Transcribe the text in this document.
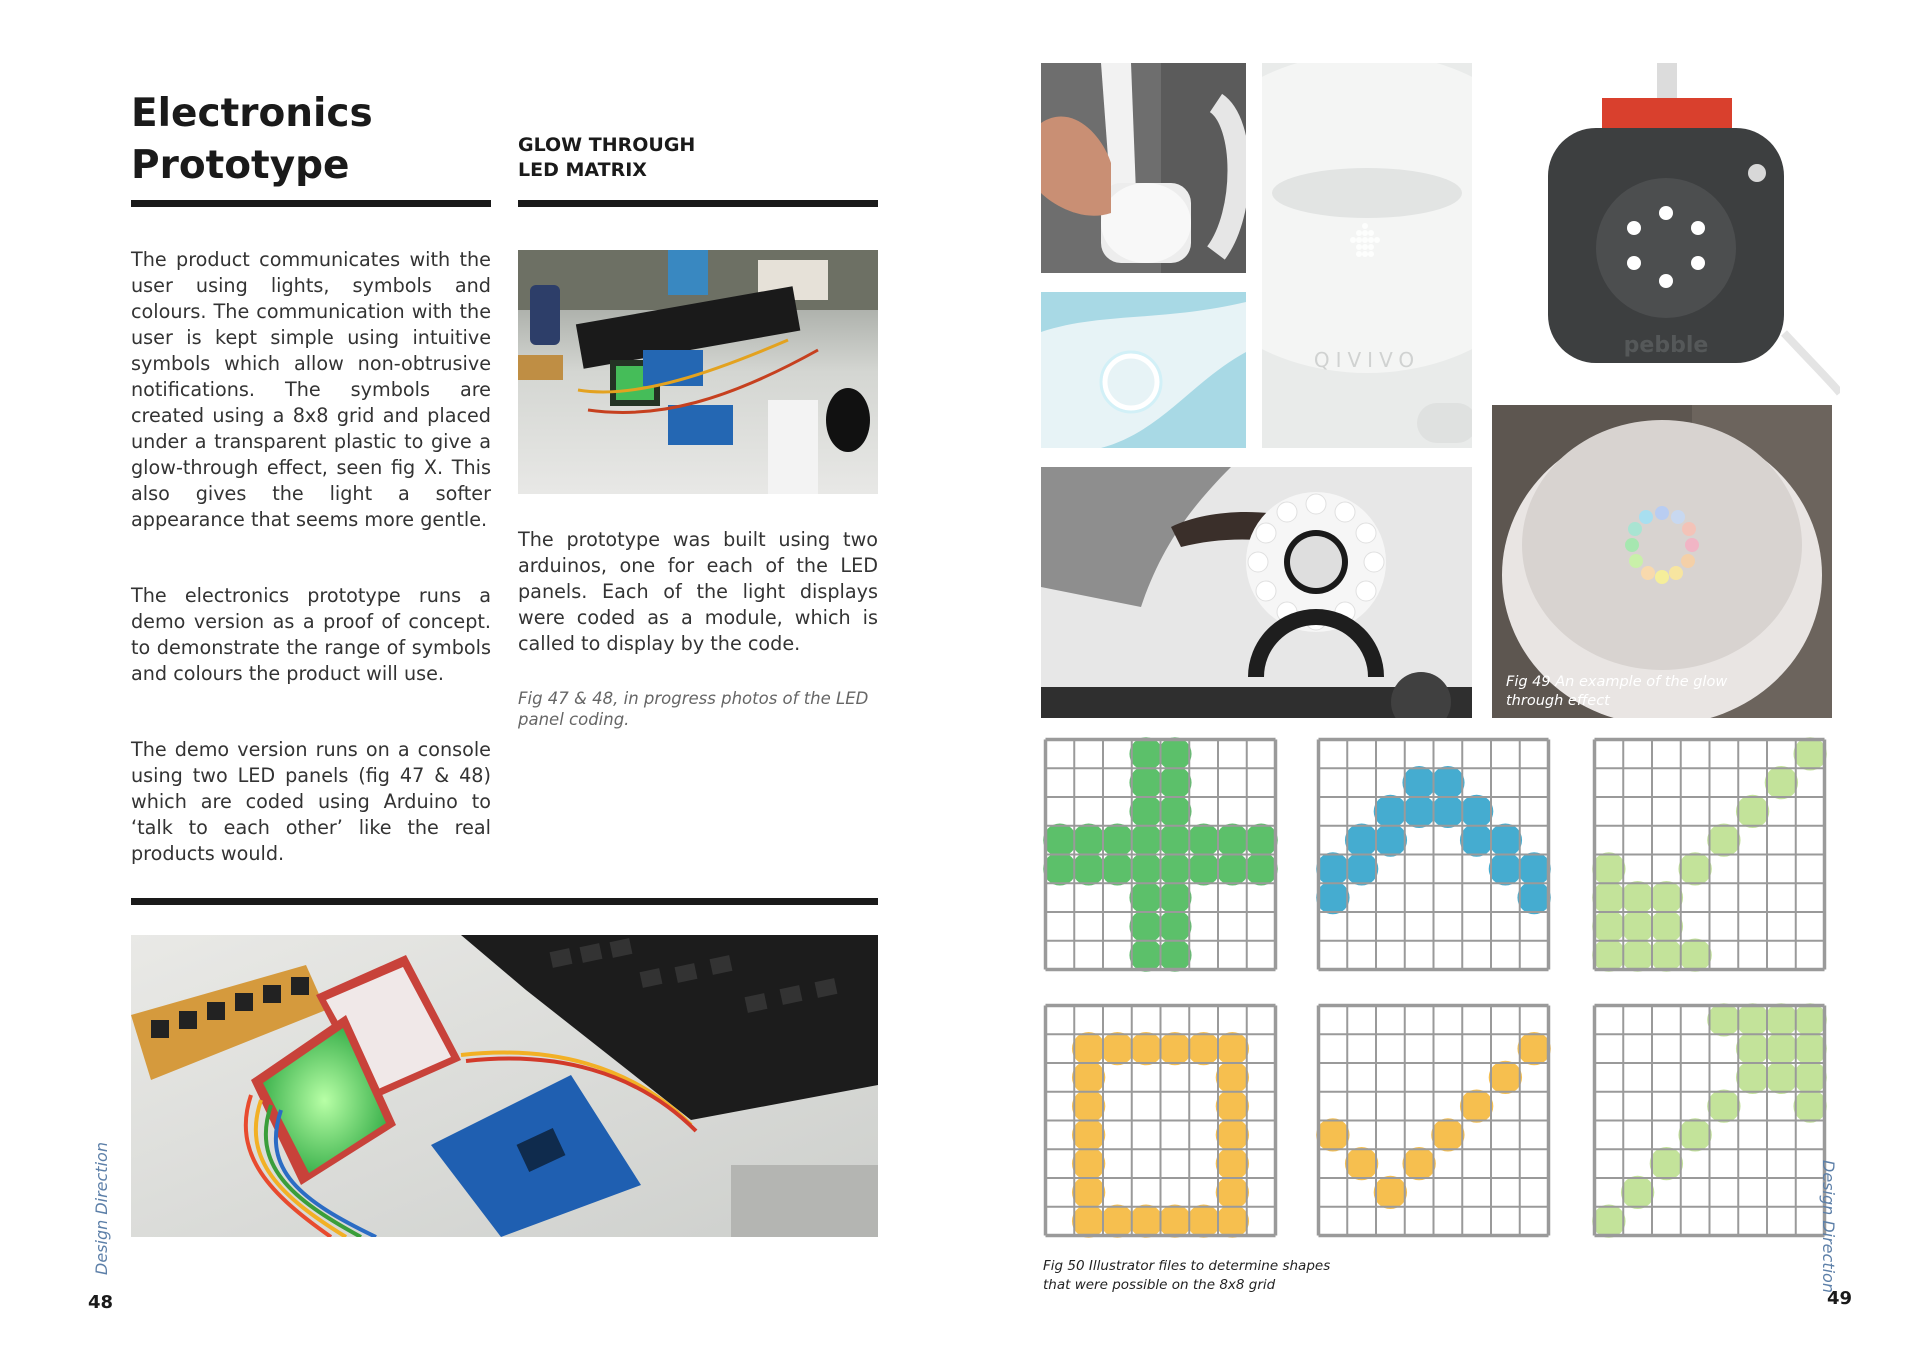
Electronics
Prototype	GLOW THROUGH
LED MATRIX
The product communicates with the user using lights, symbols and colours. The communication with the user is kept simple using intuitive symbols which allow non-obtrusive notifications. The symbols are created using a 8x8 grid and placed under a transparent plastic to give a glow-through effect, seen fig X. This also gives the light a softer appearance that seems more gentle.
The electronics prototype runs a demo version as a proof of concept. to demonstrate the range of symbols and colours the product will use.
The demo version runs on a console using two LED panels (fig 47 & 48) which are coded using Arduino to ‘talk to each other’ like the real products would.
The prototype was built using two arduinos, one for each of the LED panels. Each of the light displays were coded as a module, which is called to display by the code.
Fig 47 & 48, in progress photos of the LED panel coding.
Design Direction
48
QIVIVO
pebble
Fig 49 An example of the glow through effect
Fig 50 Illustrator files to determine shapes
that were possible on the 8x8 grid	Design Direction
49
